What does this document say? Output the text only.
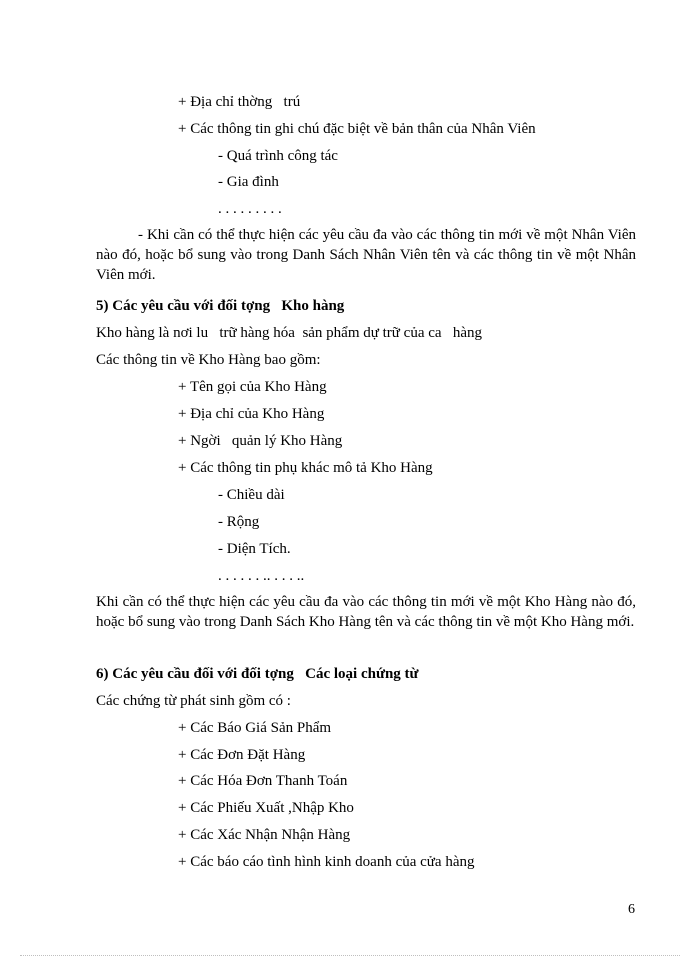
+ Địa chỉ thờng   trú
+ Các thông tin ghi chú đặc biệt về bản thân của Nhân Viên
- Quá trình công tác
- Gia đình
. . . . . . . . .
- Khi cần có thể thực hiện các yêu cầu đa vào các thông tin mới về một Nhân Viên nào đó, hoặc bổ sung vào trong Danh Sách Nhân Viên tên và các thông tin về một Nhân Viên mới.
5) Các yêu cầu với đối tợng   Kho hàng
Kho hàng là nơi lu   trữ hàng hóa  sản phẩm dự trữ của ca   hàng
Các thông tin về Kho Hàng bao gồm:
+ Tên gọi của Kho Hàng
+ Địa chỉ của Kho Hàng
+ Ngời   quản lý Kho Hàng
+ Các thông tin phụ khác mô tả Kho Hàng
- Chiều dài
- Rộng
- Diện Tích.
. . . . . . .. . . . ..
Khi cần có thể thực hiện các yêu cầu đa vào các thông tin mới về một Kho Hàng nào đó, hoặc bổ sung vào trong Danh Sách Kho Hàng tên và các thông tin về một Kho Hàng mới.
6) Các yêu cầu đối với đối tợng   Các loại chứng từ
Các chứng từ phát sinh gồm có :
+ Các Báo Giá Sản Phẩm
+ Các Đơn Đặt Hàng
+ Các Hóa Đơn Thanh Toán
+ Các Phiếu Xuất ,Nhập Kho
+ Các Xác Nhận Nhận Hàng
+ Các báo cáo tình hình kinh doanh của cửa hàng
6
